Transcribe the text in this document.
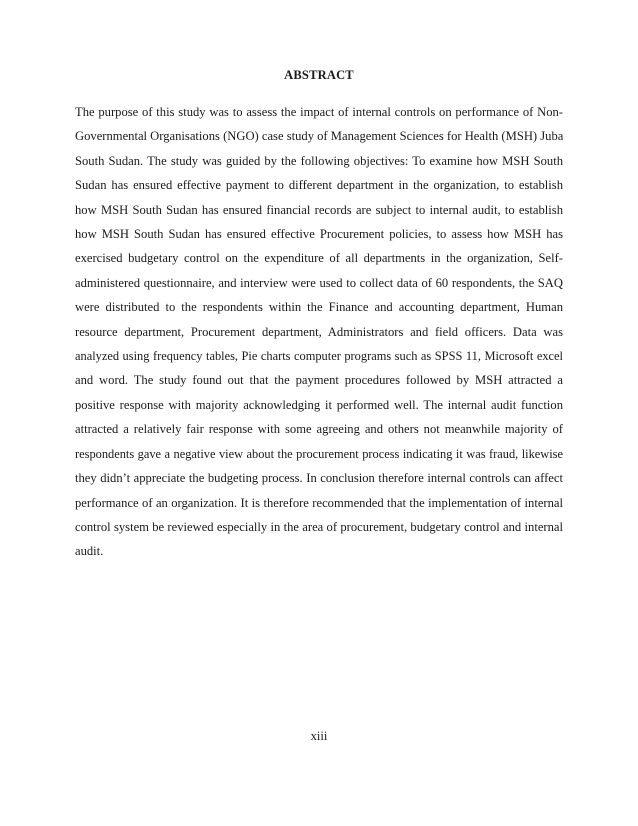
ABSTRACT
The purpose of this study was to assess the impact of internal controls on performance of Non-
Governmental Organisations (NGO) case study of Management Sciences for Health (MSH) Juba
South Sudan. The study was guided by the following objectives: To examine how MSH South
Sudan has ensured effective payment to different department in the organization, to establish
how MSH South Sudan has ensured financial records are subject to internal audit, to establish
how MSH South Sudan has ensured effective Procurement policies, to assess how MSH has
exercised budgetary control on the expenditure of all departments in the organization, Self-
administered questionnaire, and interview were used to collect data of 60 respondents, the SAQ
were distributed to the respondents within the Finance and accounting department, Human
resource department, Procurement department, Administrators and field officers. Data was
analyzed using frequency tables, Pie charts computer programs such as SPSS 11, Microsoft excel
and word. The study found out that the payment procedures followed by MSH attracted a
positive response with majority acknowledging it performed well. The internal audit function
attracted a relatively fair response with some agreeing and others not meanwhile majority of
respondents gave a negative view about the procurement process indicating it was fraud, likewise
they didn’t appreciate the budgeting process. In conclusion therefore internal controls can affect
performance of an organization. It is therefore recommended that the implementation of internal
control system be reviewed especially in the area of procurement, budgetary control and internal
audit.

xiii
